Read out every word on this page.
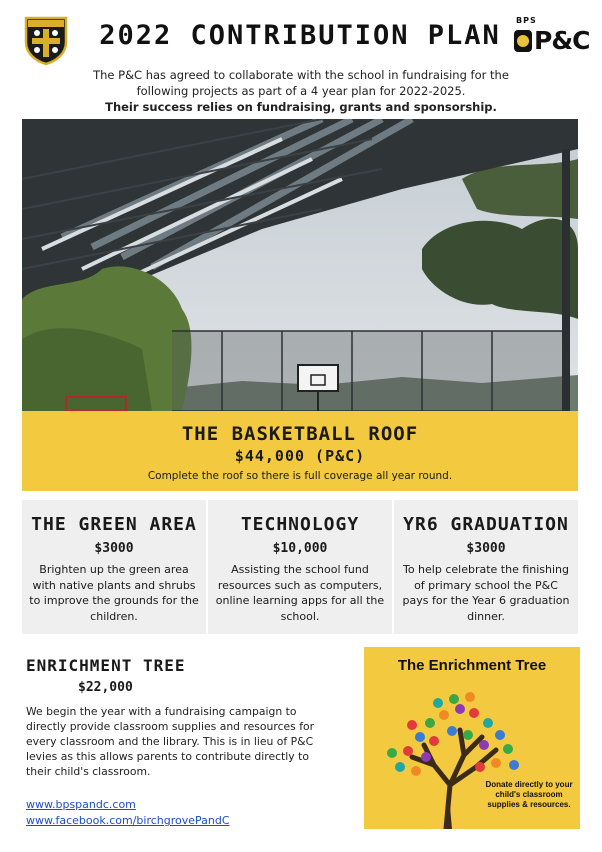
2022 CONTRIBUTION PLAN	BPS
P&C
The P&C has agreed to collaborate with the school in fundraising for the
following projects as part of a 4 year plan for 2022-2025.
Their success relies on fundraising, grants and sponsorship.
THE BASKETBALL ROOF
$44,000 (P&C)
Complete the roof so there is full coverage all year round.
THE GREEN AREA
$3000
Brighten up the green area with native plants and shrubs to improve the grounds for the children.
TECHNOLOGY
$10,000
Assisting the school fund resources such as computers, online learning apps for all the school.
YR6 GRADUATION
$3000
To help celebrate the finishing of primary school the P&C pays for the Year 6 graduation dinner.
ENRICHMENT TREE
$22,000
We begin the year with a fundraising campaign to directly provide classroom supplies and resources for every classroom and the library. This is in lieu of P&C levies as this allows parents to contribute directly to their child's classroom.
www.bpspandc.com
www.facebook.com/birchgrovePandC
The Enrichment Tree
Donate directly to your child's classroom supplies & resources.
